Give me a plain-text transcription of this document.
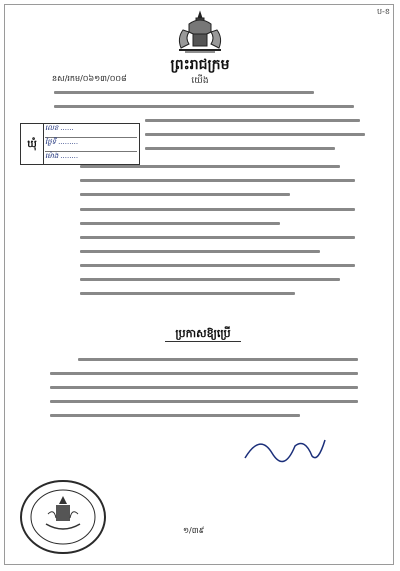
ប-ខ
ព្រះរាជក្រម
យើង
នស/រកម/០៦១៣/០០៨
ឃុំ
លេខ ......
ថ្ងៃទី .........
ម៉ោង ........
ប្រកាសឱ្យប្រើ
១/៣៩
